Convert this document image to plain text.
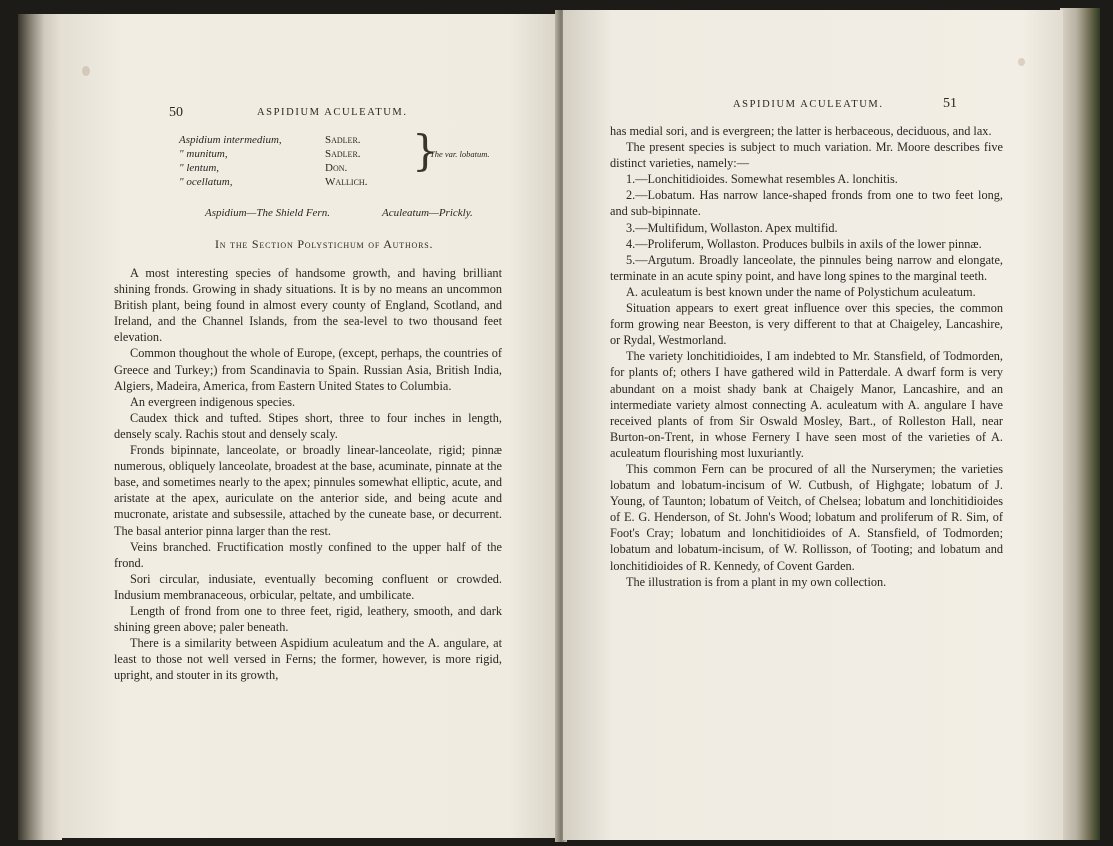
50	ASPIDIUM ACULEATUM.
Aspidium intermedium,	Sadler.
" munitum,	Sadler.
" lentum,	Don.
" ocellatum,	Wallich.
}
The var. lobatum.
Aspidium—The Shield Fern.	Aculeatum—Prickly.
In the Section Polystichum of Authors.

A most interesting species of handsome growth, and having brilliant shining fronds. Growing in shady situations. It is by no means an uncommon British plant, being found in almost every county of England, Scotland, and Ireland, and the Channel Islands, from the sea-level to two thousand feet elevation.

Common thoughout the whole of Europe, (except, perhaps, the countries of Greece and Turkey;) from Scandinavia to Spain. Russian Asia, British India, Algiers, Madeira, America, from Eastern United States to Columbia.

An evergreen indigenous species.

Caudex thick and tufted. Stipes short, three to four inches in length, densely scaly. Rachis stout and densely scaly.

Fronds bipinnate, lanceolate, or broadly linear-lanceolate, rigid; pinnæ numerous, obliquely lanceolate, broadest at the base, acuminate, pinnate at the base, and sometimes nearly to the apex; pinnules somewhat elliptic, acute, and aristate at the apex, auriculate on the anterior side, and being acute and mucronate, aristate and subsessile, attached by the cuneate base, or decurrent. The basal anterior pinna larger than the rest.

Veins branched. Fructification mostly confined to the upper half of the frond.

Sori circular, indusiate, eventually becoming confluent or crowded. Indusium membranaceous, orbicular, peltate, and umbilicate.

Length of frond from one to three feet, rigid, leathery, smooth, and dark shining green above; paler beneath.

There is a similarity between Aspidium aculeatum and the A. angulare, at least to those not well versed in Ferns; the former, however, is more rigid, upright, and stouter in its growth,

ASPIDIUM ACULEATUM.	51

has medial sori, and is evergreen; the latter is herbaceous, deciduous, and lax.

The present species is subject to much variation. Mr. Moore describes five distinct varieties, namely:—

1.—Lonchitidioides. Somewhat resembles A. lonchitis.

2.—Lobatum. Has narrow lance-shaped fronds from one to two feet long, and sub-bipinnate.

3.—Multifidum, Wollaston. Apex multifid.

4.—Proliferum, Wollaston. Produces bulbils in axils of the lower pinnæ.

5.—Argutum. Broadly lanceolate, the pinnules being narrow and elongate, terminate in an acute spiny point, and have long spines to the marginal teeth.

A. aculeatum is best known under the name of Polystichum aculeatum.

Situation appears to exert great influence over this species, the common form growing near Beeston, is very different to that at Chaigeley, Lancashire, or Rydal, Westmorland.

The variety lonchitidioides, I am indebted to Mr. Stansfield, of Todmorden, for plants of; others I have gathered wild in Patterdale. A dwarf form is very abundant on a moist shady bank at Chaigely Manor, Lancashire, and an intermediate variety almost connecting A. aculeatum with A. angulare I have received plants of from Sir Oswald Mosley, Bart., of Rolleston Hall, near Burton-on-Trent, in whose Fernery I have seen most of the varieties of A. aculeatum flourishing most luxuriantly.

This common Fern can be procured of all the Nurserymen; the varieties lobatum and lobatum-incisum of W. Cutbush, of Highgate; lobatum of J. Young, of Taunton; lobatum of Veitch, of Chelsea; lobatum and lonchitidioides of E. G. Henderson, of St. John's Wood; lobatum and proliferum of R. Sim, of Foot's Cray; lobatum and lonchitidioides of A. Stansfield, of Todmorden; lobatum and lobatum-incisum, of W. Rollisson, of Tooting; and lobatum and lonchitidioides of R. Kennedy, of Covent Garden.

The illustration is from a plant in my own collection.
